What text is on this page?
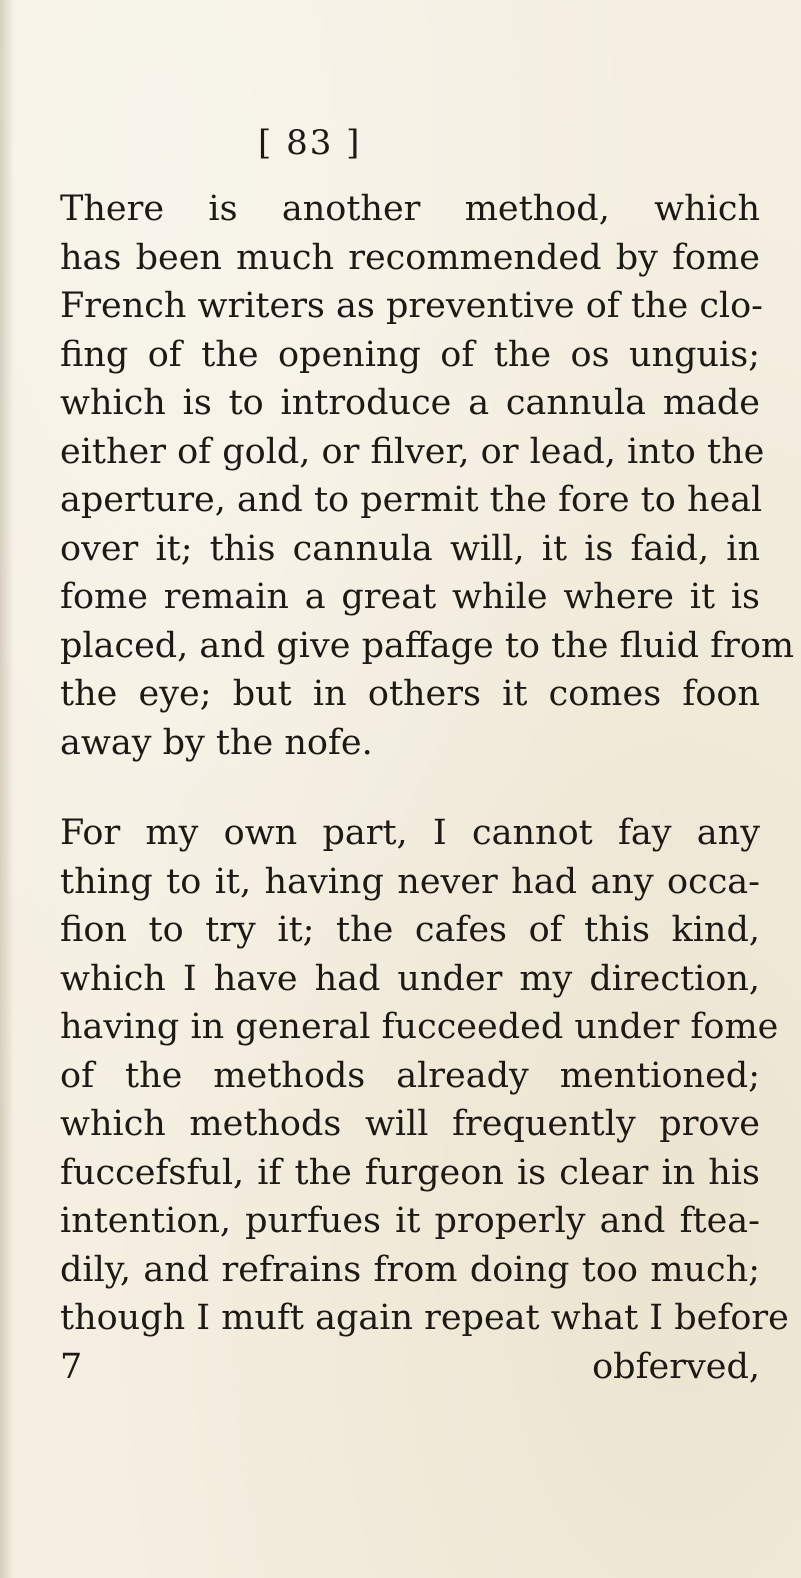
[ 83 ]
There is another method, which
has been much recommended by fome
French writers as preventive of the clo-
fing of the opening of the os unguis;
which is to introduce a cannula made
either of gold, or filver, or lead, into the
aperture, and to permit the fore to heal
over it; this cannula will, it is faid, in
fome remain a great while where it is
placed, and give paffage to the fluid from
the eye; but in others it comes foon
away by the nofe.
For my own part, I cannot fay any
thing to it, having never had any occa-
fion to try it; the cafes of this kind,
which I have had under my direction,
having in general fucceeded under fome
of the methods already mentioned;
which methods will frequently prove
fuccefsful, if the furgeon is clear in his
intention, purfues it properly and ftea-
dily, and refrains from doing too much;
though I muft again repeat what I before
7	obferved,
